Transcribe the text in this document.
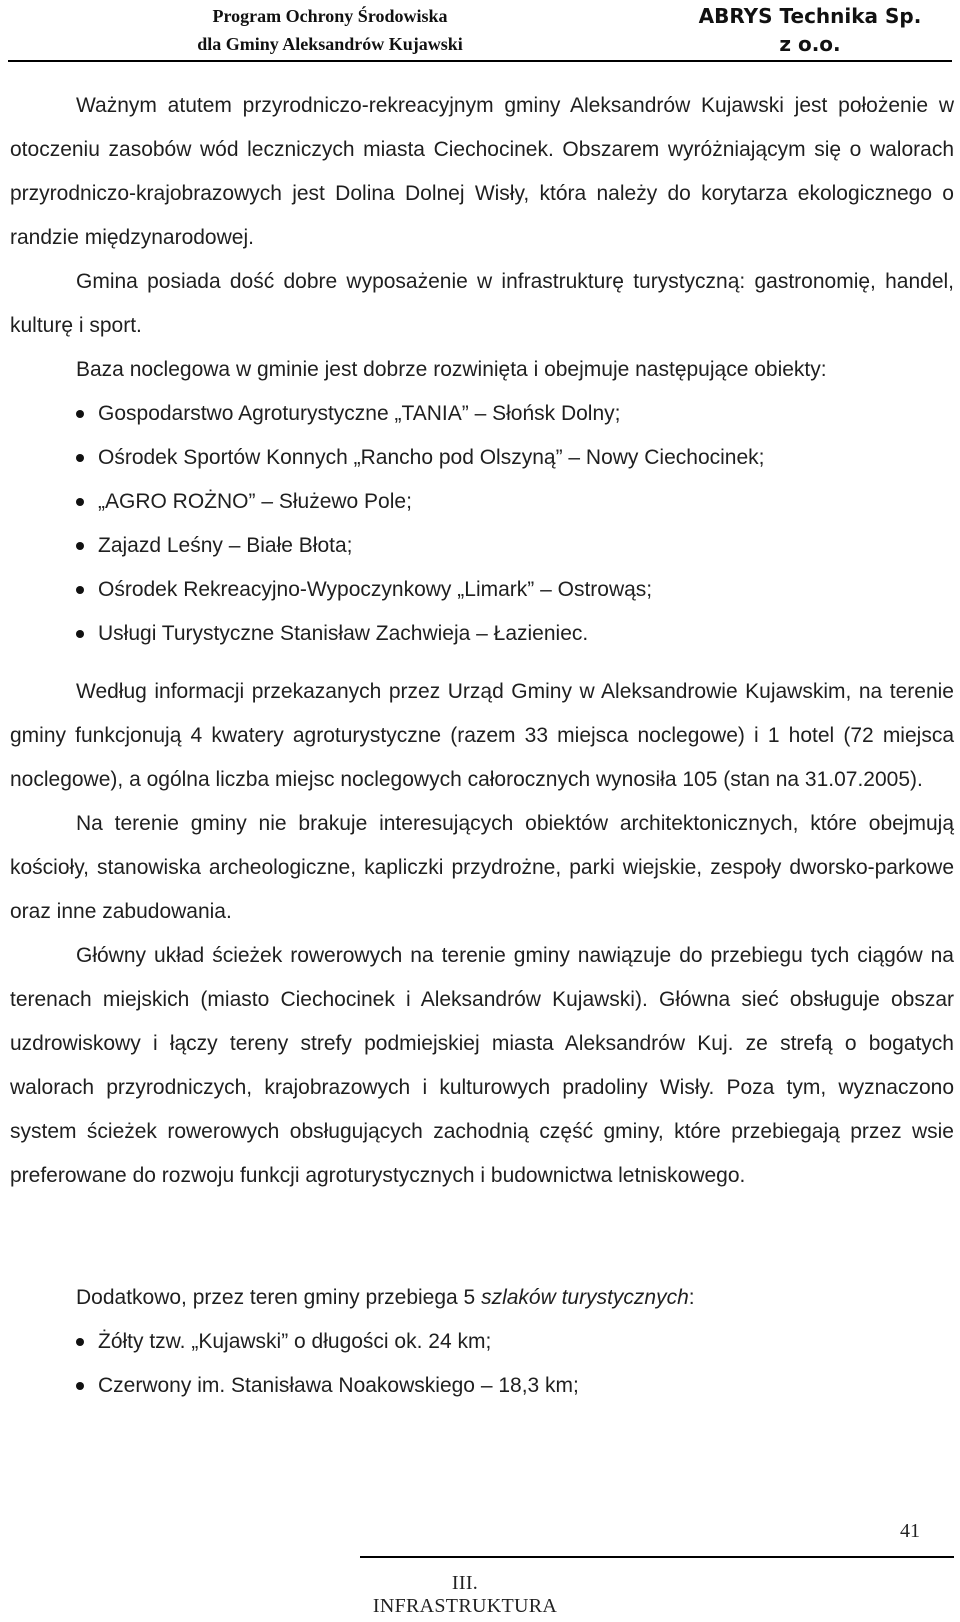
Program Ochrony Środowiska
dla Gminy Aleksandrów Kujawski
ABRYS Technika Sp.
z o.o.

Ważnym atutem przyrodniczo-rekreacyjnym gminy Aleksandrów Kujawski jest położenie w otoczeniu zasobów wód leczniczych miasta Ciechocinek. Obszarem wyróżniającym się o walorach przyrodniczo-krajobrazowych jest Dolina Dolnej Wisły, która należy do korytarza ekologicznego o randzie międzynarodowej.

Gmina posiada dość dobre wyposażenie w infrastrukturę turystyczną: gastronomię, handel, kulturę i sport.

Baza noclegowa w gminie jest dobrze rozwinięta i obejmuje następujące obiekty:

Gospodarstwo Agroturystyczne „TANIA” – Słońsk Dolny;
Ośrodek Sportów Konnych „Rancho pod Olszyną” – Nowy Ciechocinek;
„AGRO ROŻNO” – Służewo Pole;
Zajazd Leśny – Białe Błota;
Ośrodek Rekreacyjno-Wypoczynkowy „Limark” – Ostrowąs;
Usługi Turystyczne Stanisław Zachwieja – Łazieniec.

Według informacji przekazanych przez Urząd Gminy w Aleksandrowie Kujawskim, na terenie gminy funkcjonują 4 kwatery agroturystyczne (razem 33 miejsca noclegowe) i 1 hotel (72 miejsca noclegowe), a ogólna liczba miejsc noclegowych całorocznych wynosiła 105 (stan na 31.07.2005).

Na terenie gminy nie brakuje interesujących obiektów architektonicznych, które obejmują kościoły, stanowiska archeologiczne, kapliczki przydrożne, parki wiejskie, zespoły dworsko-parkowe oraz inne zabudowania.

Główny układ ścieżek rowerowych na terenie gminy nawiązuje do przebiegu tych ciągów na terenach miejskich (miasto Ciechocinek i Aleksandrów Kujawski). Główna sieć obsługuje obszar uzdrowiskowy i łączy tereny strefy podmiejskiej miasta Aleksandrów Kuj. ze strefą o bogatych walorach przyrodniczych, krajobrazowych i kulturowych pradoliny Wisły. Poza tym, wyznaczono system ścieżek rowerowych obsługujących zachodnią część gminy, które przebiegają przez wsie preferowane do rozwoju funkcji agroturystycznych i budownictwa letniskowego.

Dodatkowo, przez teren gminy przebiega 5 szlaków turystycznych:

Żółty tzw. „Kujawski” o długości ok. 24 km;
Czerwony im. Stanisława Noakowskiego – 18,3 km;
41
III. INFRASTRUKTURA
